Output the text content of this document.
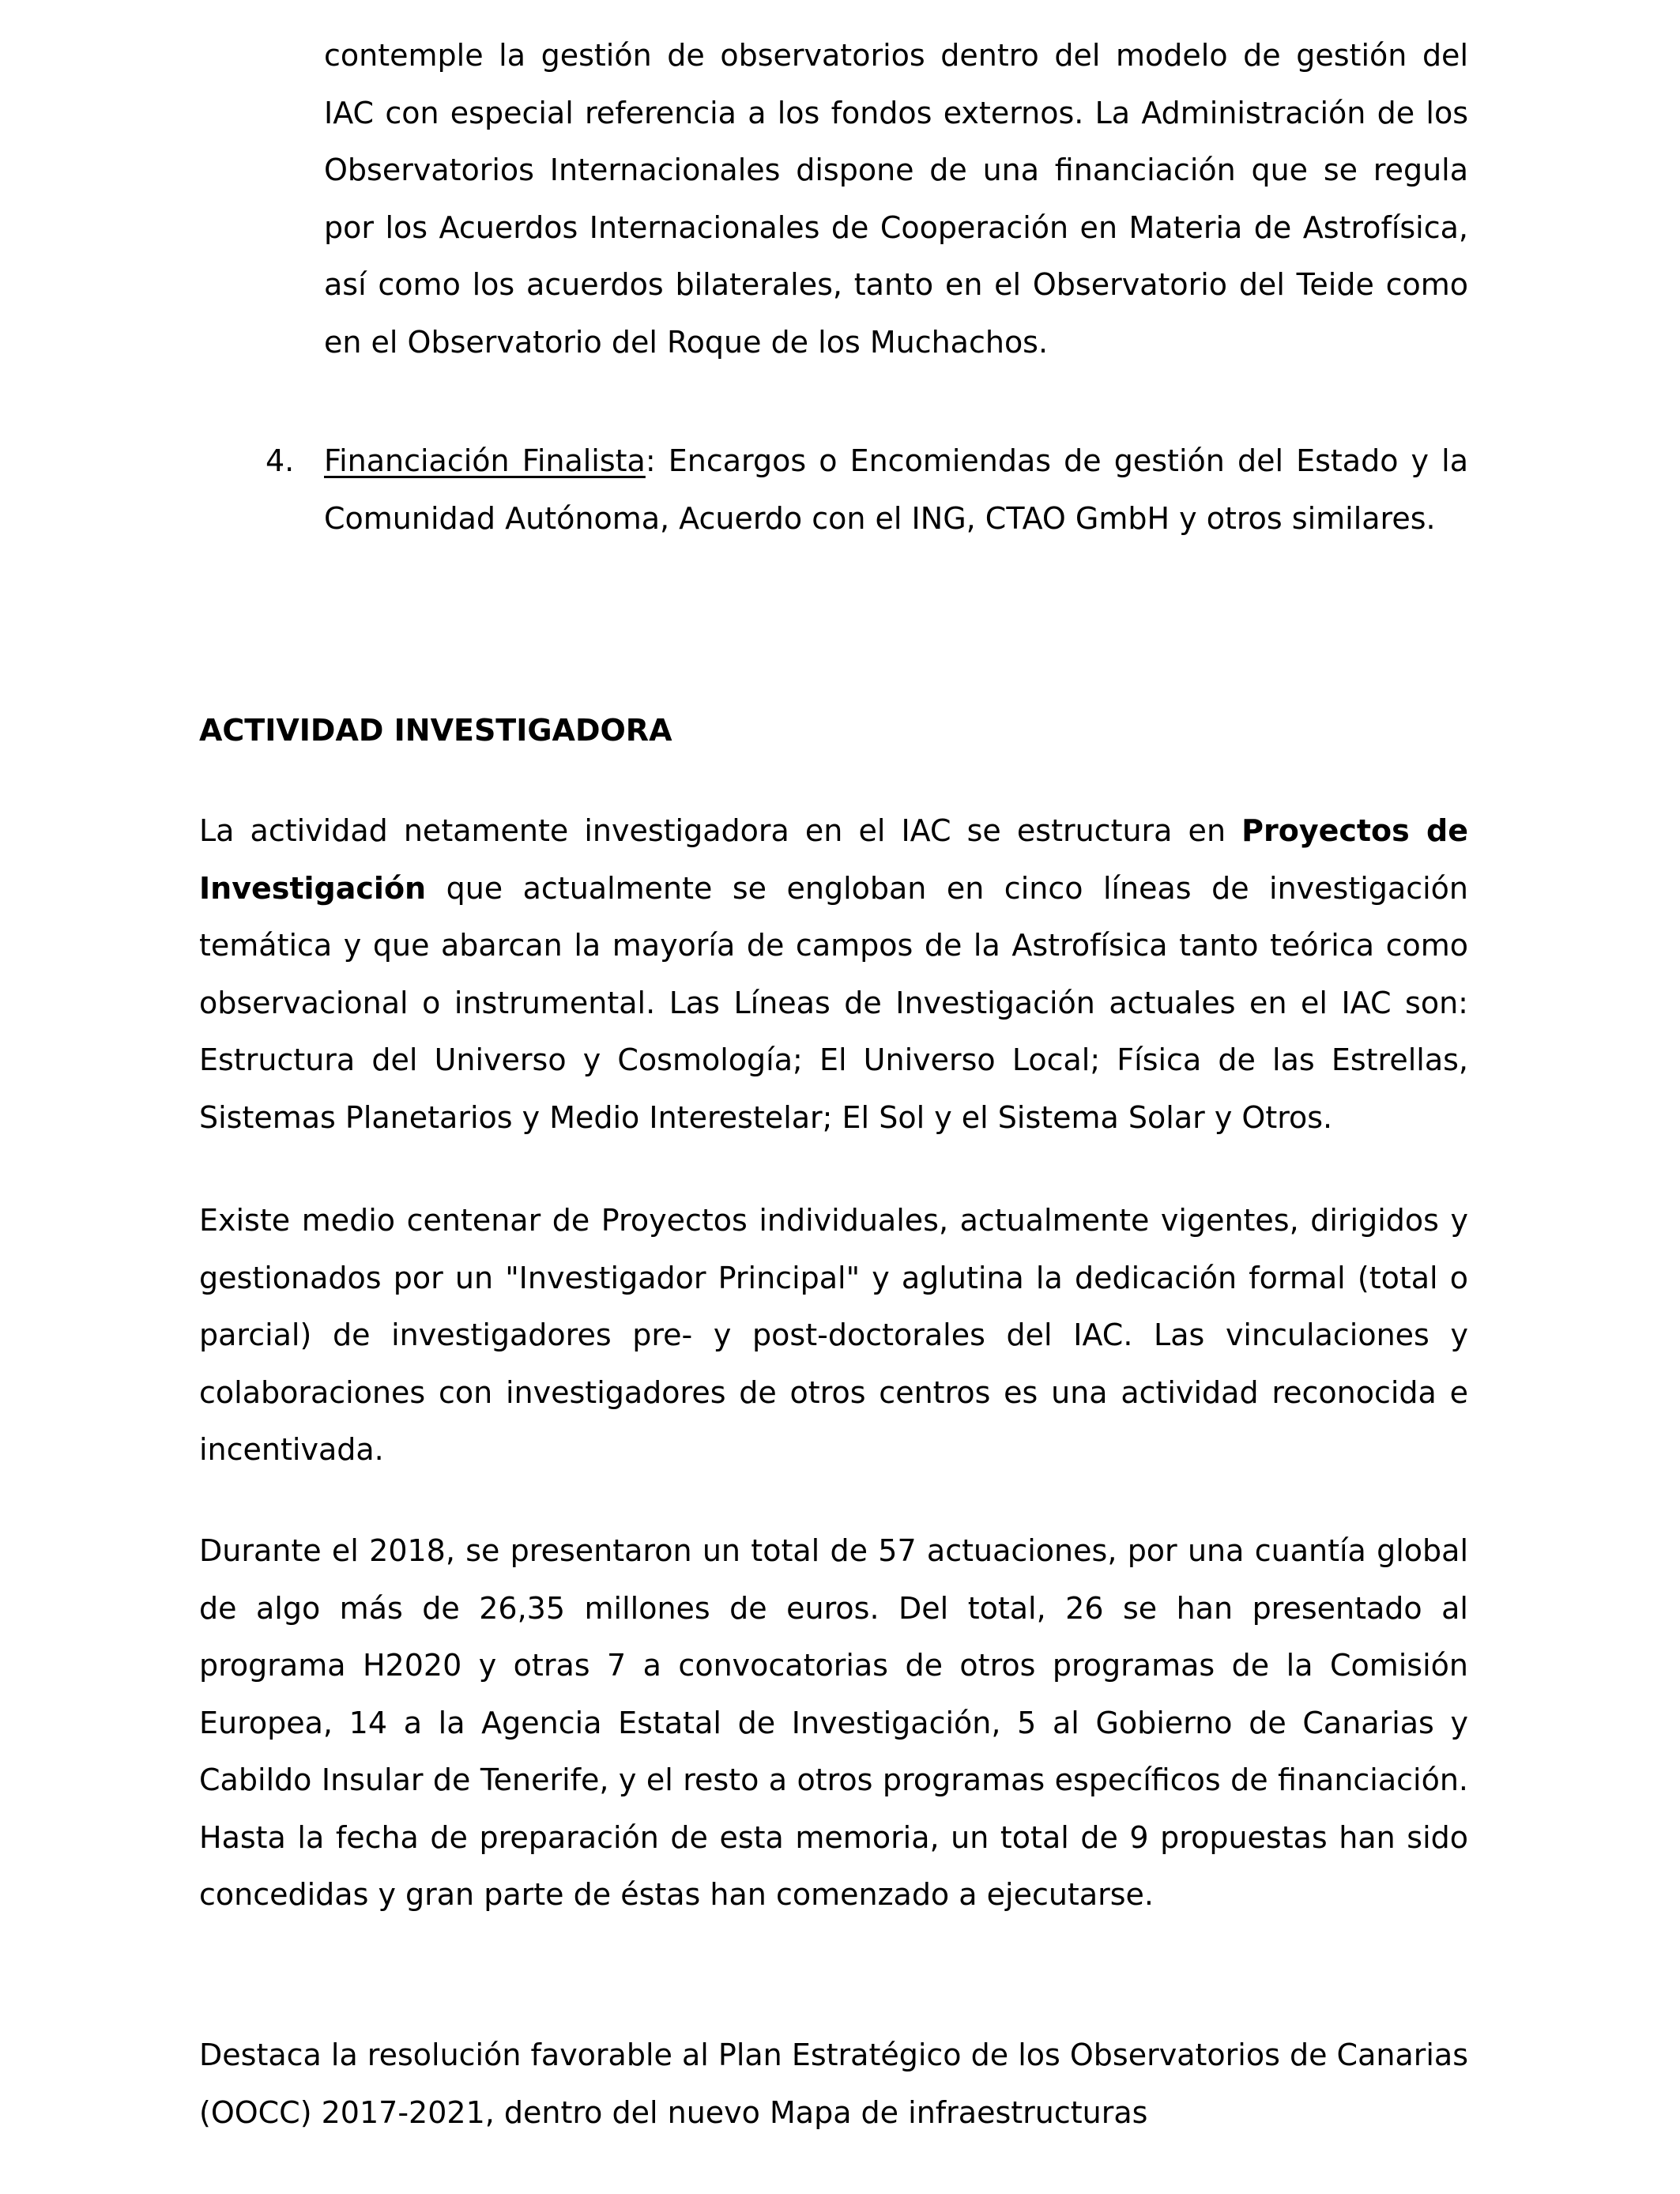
contemple la gestión de observatorios dentro del modelo de gestión del IAC con especial referencia a los fondos externos. La Administración de los Observatorios Internacionales dispone de una financiación que se regula por los Acuerdos Internacionales de Cooperación en Materia de Astrofísica, así como los acuerdos bilaterales, tanto en el Observatorio del Teide como en el Observatorio del Roque de los Muchachos.

4. Financiación Finalista: Encargos o Encomiendas de gestión del Estado y la Comunidad Autónoma, Acuerdo con el ING, CTAO GmbH y otros similares.

ACTIVIDAD INVESTIGADORA

La actividad netamente investigadora en el IAC se estructura en Proyectos de Investigación que actualmente se engloban en cinco líneas de investigación temática y que abarcan la mayoría de campos de la Astrofísica tanto teórica como observacional o instrumental. Las Líneas de Investigación actuales en el IAC son: Estructura del Universo y Cosmología; El Universo Local; Física de las Estrellas, Sistemas Planetarios y Medio Interestelar; El Sol y el Sistema Solar y Otros.

Existe medio centenar de Proyectos individuales, actualmente vigentes, dirigidos y gestionados por un "Investigador Principal" y aglutina la dedicación formal (total o parcial) de investigadores pre- y post-doctorales del IAC. Las vinculaciones y colaboraciones con investigadores de otros centros es una actividad reconocida e incentivada.

Durante el 2018, se presentaron un total de 57 actuaciones, por una cuantía global de algo más de 26,35 millones de euros. Del total, 26 se han presentado al programa H2020 y otras 7 a convocatorias de otros programas de la Comisión Europea, 14 a la Agencia Estatal de Investigación, 5 al Gobierno de Canarias y Cabildo Insular de Tenerife, y el resto a otros programas específicos de financiación. Hasta la fecha de preparación de esta memoria, un total de 9 propuestas han sido concedidas y gran parte de éstas han comenzado a ejecutarse.

Destaca la resolución favorable al Plan Estratégico de los Observatorios de Canarias (OOCC) 2017-2021, dentro del nuevo Mapa de infraestructuras
